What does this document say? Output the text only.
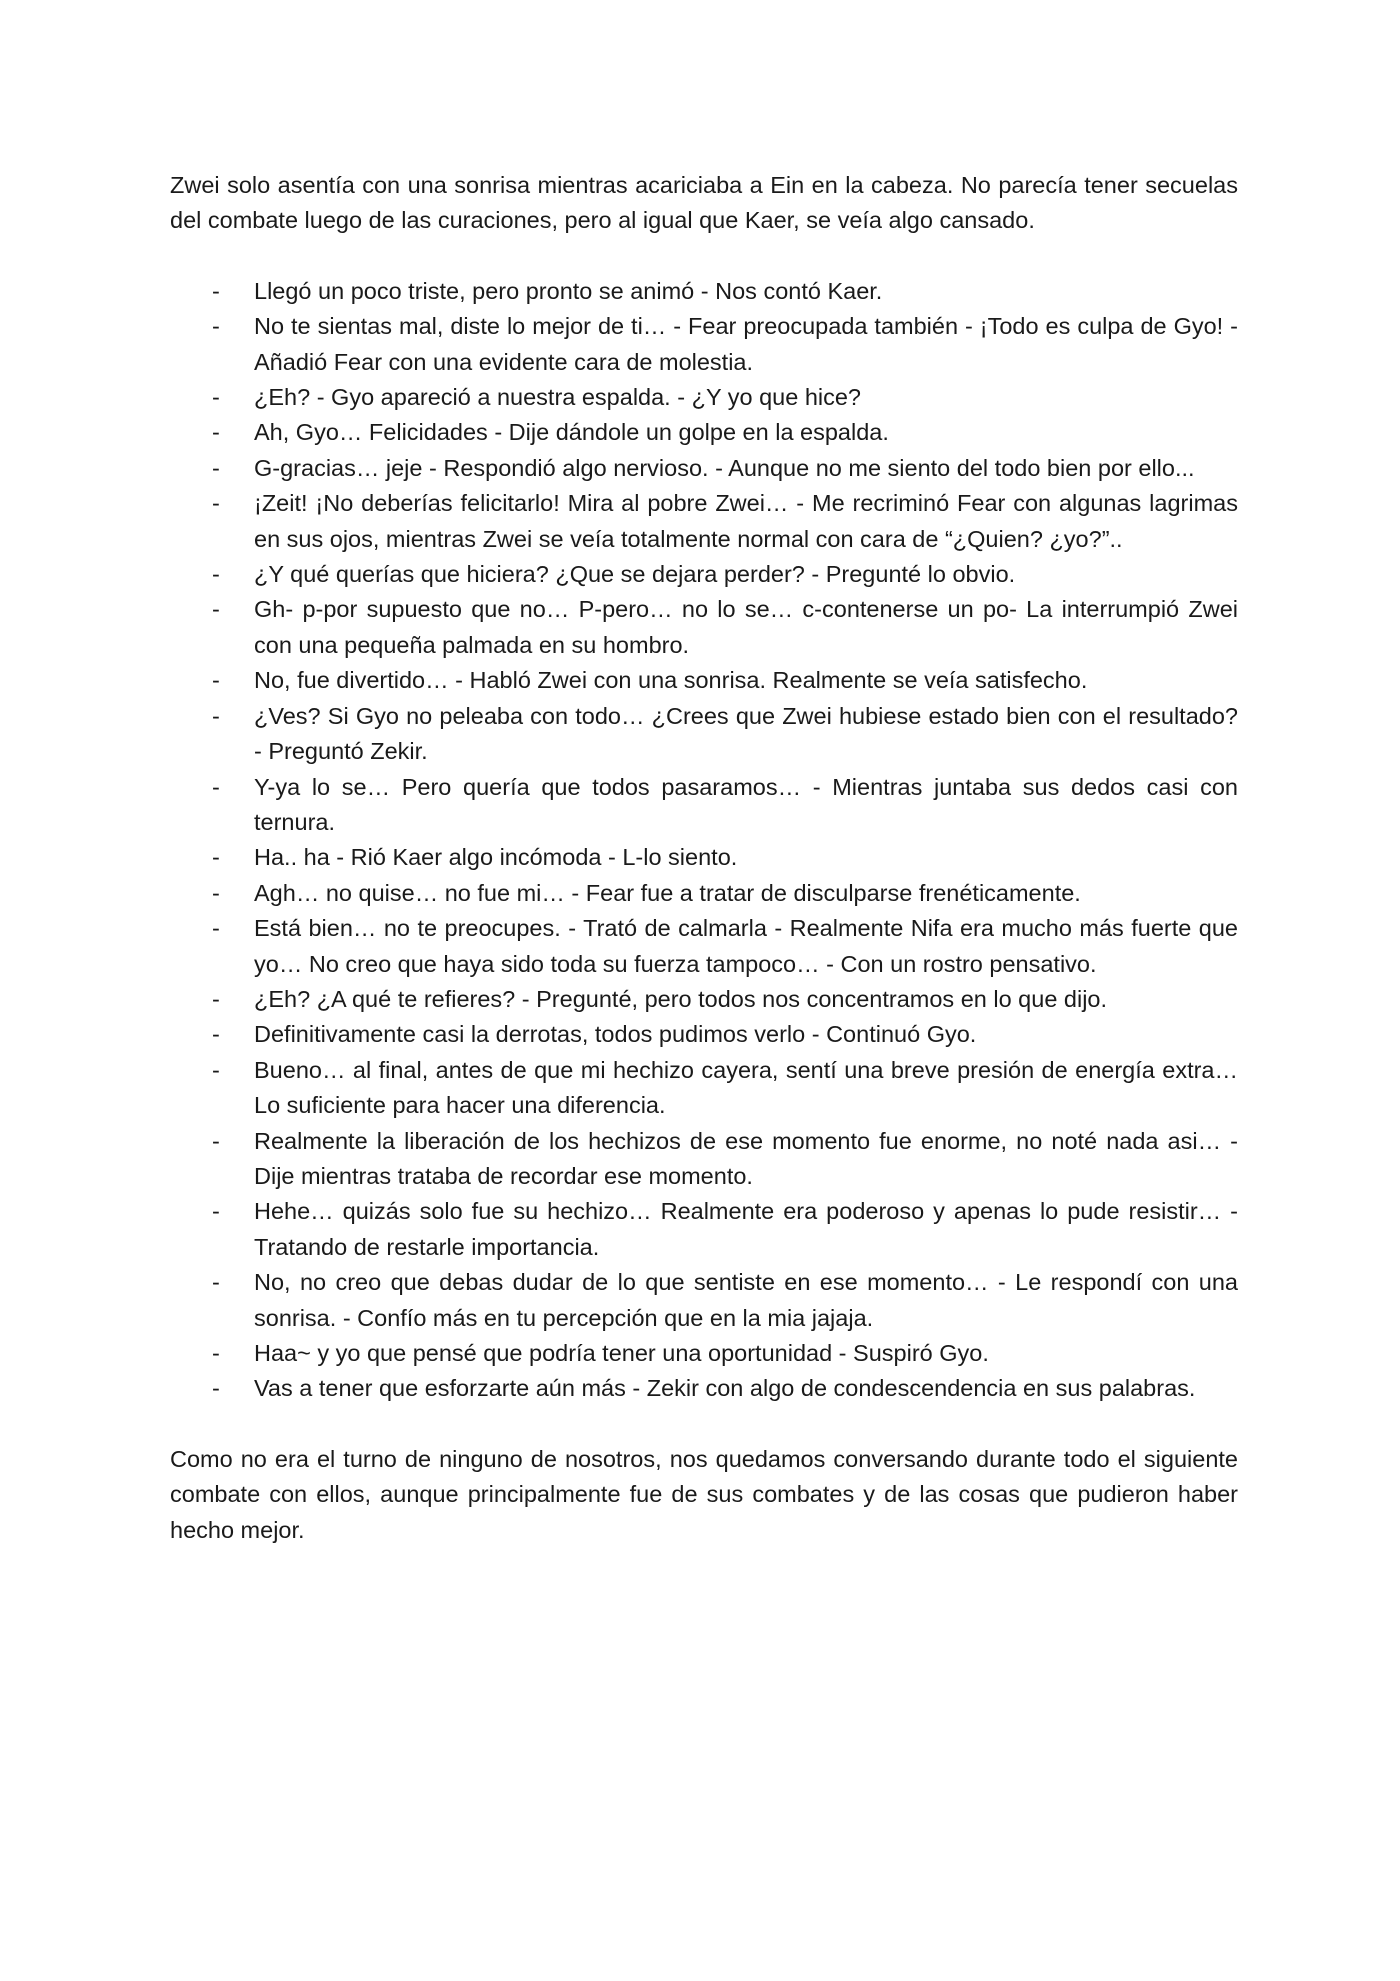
Zwei solo asentía con una sonrisa mientras acariciaba a Ein en la cabeza. No parecía tener secuelas del combate luego de las curaciones, pero al igual que Kaer, se veía algo cansado.

- Llegó un poco triste, pero pronto se animó - Nos contó Kaer.
- No te sientas mal, diste lo mejor de ti… - Fear preocupada también - ¡Todo es culpa de Gyo! - Añadió Fear con una evidente cara de molestia.
- ¿Eh? - Gyo apareció a nuestra espalda. - ¿Y yo que hice?
- Ah, Gyo… Felicidades - Dije dándole un golpe en la espalda.
- G-gracias… jeje - Respondió algo nervioso. - Aunque no me siento del todo bien por ello...
- ¡Zeit! ¡No deberías felicitarlo! Mira al pobre Zwei… - Me recriminó Fear con algunas lagrimas en sus ojos, mientras Zwei se veía totalmente normal con cara de “¿Quien? ¿yo?”..
- ¿Y qué querías que hiciera? ¿Que se dejara perder? - Pregunté lo obvio.
- Gh- p-por supuesto que no… P-pero… no lo se… c-contenerse un po- La interrumpió Zwei con una pequeña palmada en su hombro.
- No, fue divertido… - Habló Zwei con una sonrisa. Realmente se veía satisfecho.
- ¿Ves? Si Gyo no peleaba con todo… ¿Crees que Zwei hubiese estado bien con el resultado? - Preguntó Zekir.
- Y-ya lo se… Pero quería que todos pasaramos… - Mientras juntaba sus dedos casi con ternura.
- Ha.. ha - Rió Kaer algo incómoda - L-lo siento.
- Agh… no quise… no fue mi… - Fear fue a tratar de disculparse frenéticamente.
- Está bien… no te preocupes. - Trató de calmarla - Realmente Nifa era mucho más fuerte que yo… No creo que haya sido toda su fuerza tampoco… - Con un rostro pensativo.
- ¿Eh? ¿A qué te refieres? - Pregunté, pero todos nos concentramos en lo que dijo.
- Definitivamente casi la derrotas, todos pudimos verlo - Continuó Gyo.
- Bueno… al final, antes de que mi hechizo cayera, sentí una breve presión de energía extra… Lo suficiente para hacer una diferencia.
- Realmente la liberación de los hechizos de ese momento fue enorme, no noté nada asi… - Dije mientras trataba de recordar ese momento.
- Hehe… quizás solo fue su hechizo… Realmente era poderoso y apenas lo pude resistir… - Tratando de restarle importancia.
- No, no creo que debas dudar de lo que sentiste en ese momento… - Le respondí con una sonrisa. - Confío más en tu percepción que en la mia jajaja.
- Haa~ y yo que pensé que podría tener una oportunidad - Suspiró Gyo.
- Vas a tener que esforzarte aún más - Zekir con algo de condescendencia en sus palabras.

Como no era el turno de ninguno de nosotros, nos quedamos conversando durante todo el siguiente combate con ellos, aunque principalmente fue de sus combates y de las cosas que pudieron haber hecho mejor.
